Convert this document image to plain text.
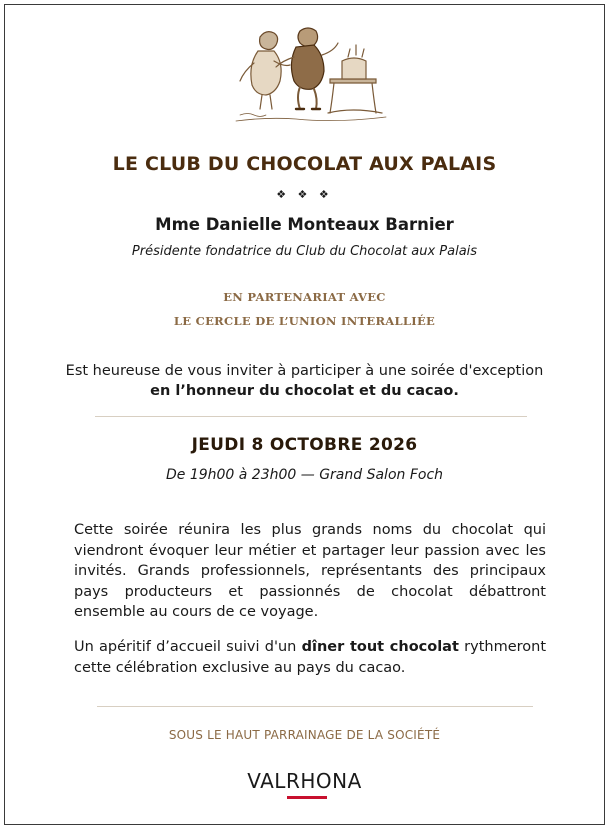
LE CLUB DU CHOCOLAT AUX PALAIS
❖ ❖ ❖
Mme Danielle Monteaux Barnier
Présidente fondatrice du Club du Chocolat aux Palais
EN PARTENARIAT AVEC
LE CERCLE DE L’UNION INTERALLIÉE
Est heureuse de vous inviter à participer à une soirée d'exception
en l’honneur du chocolat et du cacao.
JEUDI 8 OCTOBRE 2026
De 19h00 à 23h00 — Grand Salon Foch

Cette soirée réunira les plus grands noms du chocolat qui viendront évoquer leur métier et partager leur passion avec les invités. Grands professionnels, représentants des principaux pays producteurs et passionnés de chocolat débattront ensemble au cours de ce voyage.

Un apéritif d’accueil suivi d'un dîner tout chocolat rythmeront cette célébration exclusive au pays du cacao.

SOUS LE HAUT PARRAINAGE DE LA SOCIÉTÉ
VALRHONA
